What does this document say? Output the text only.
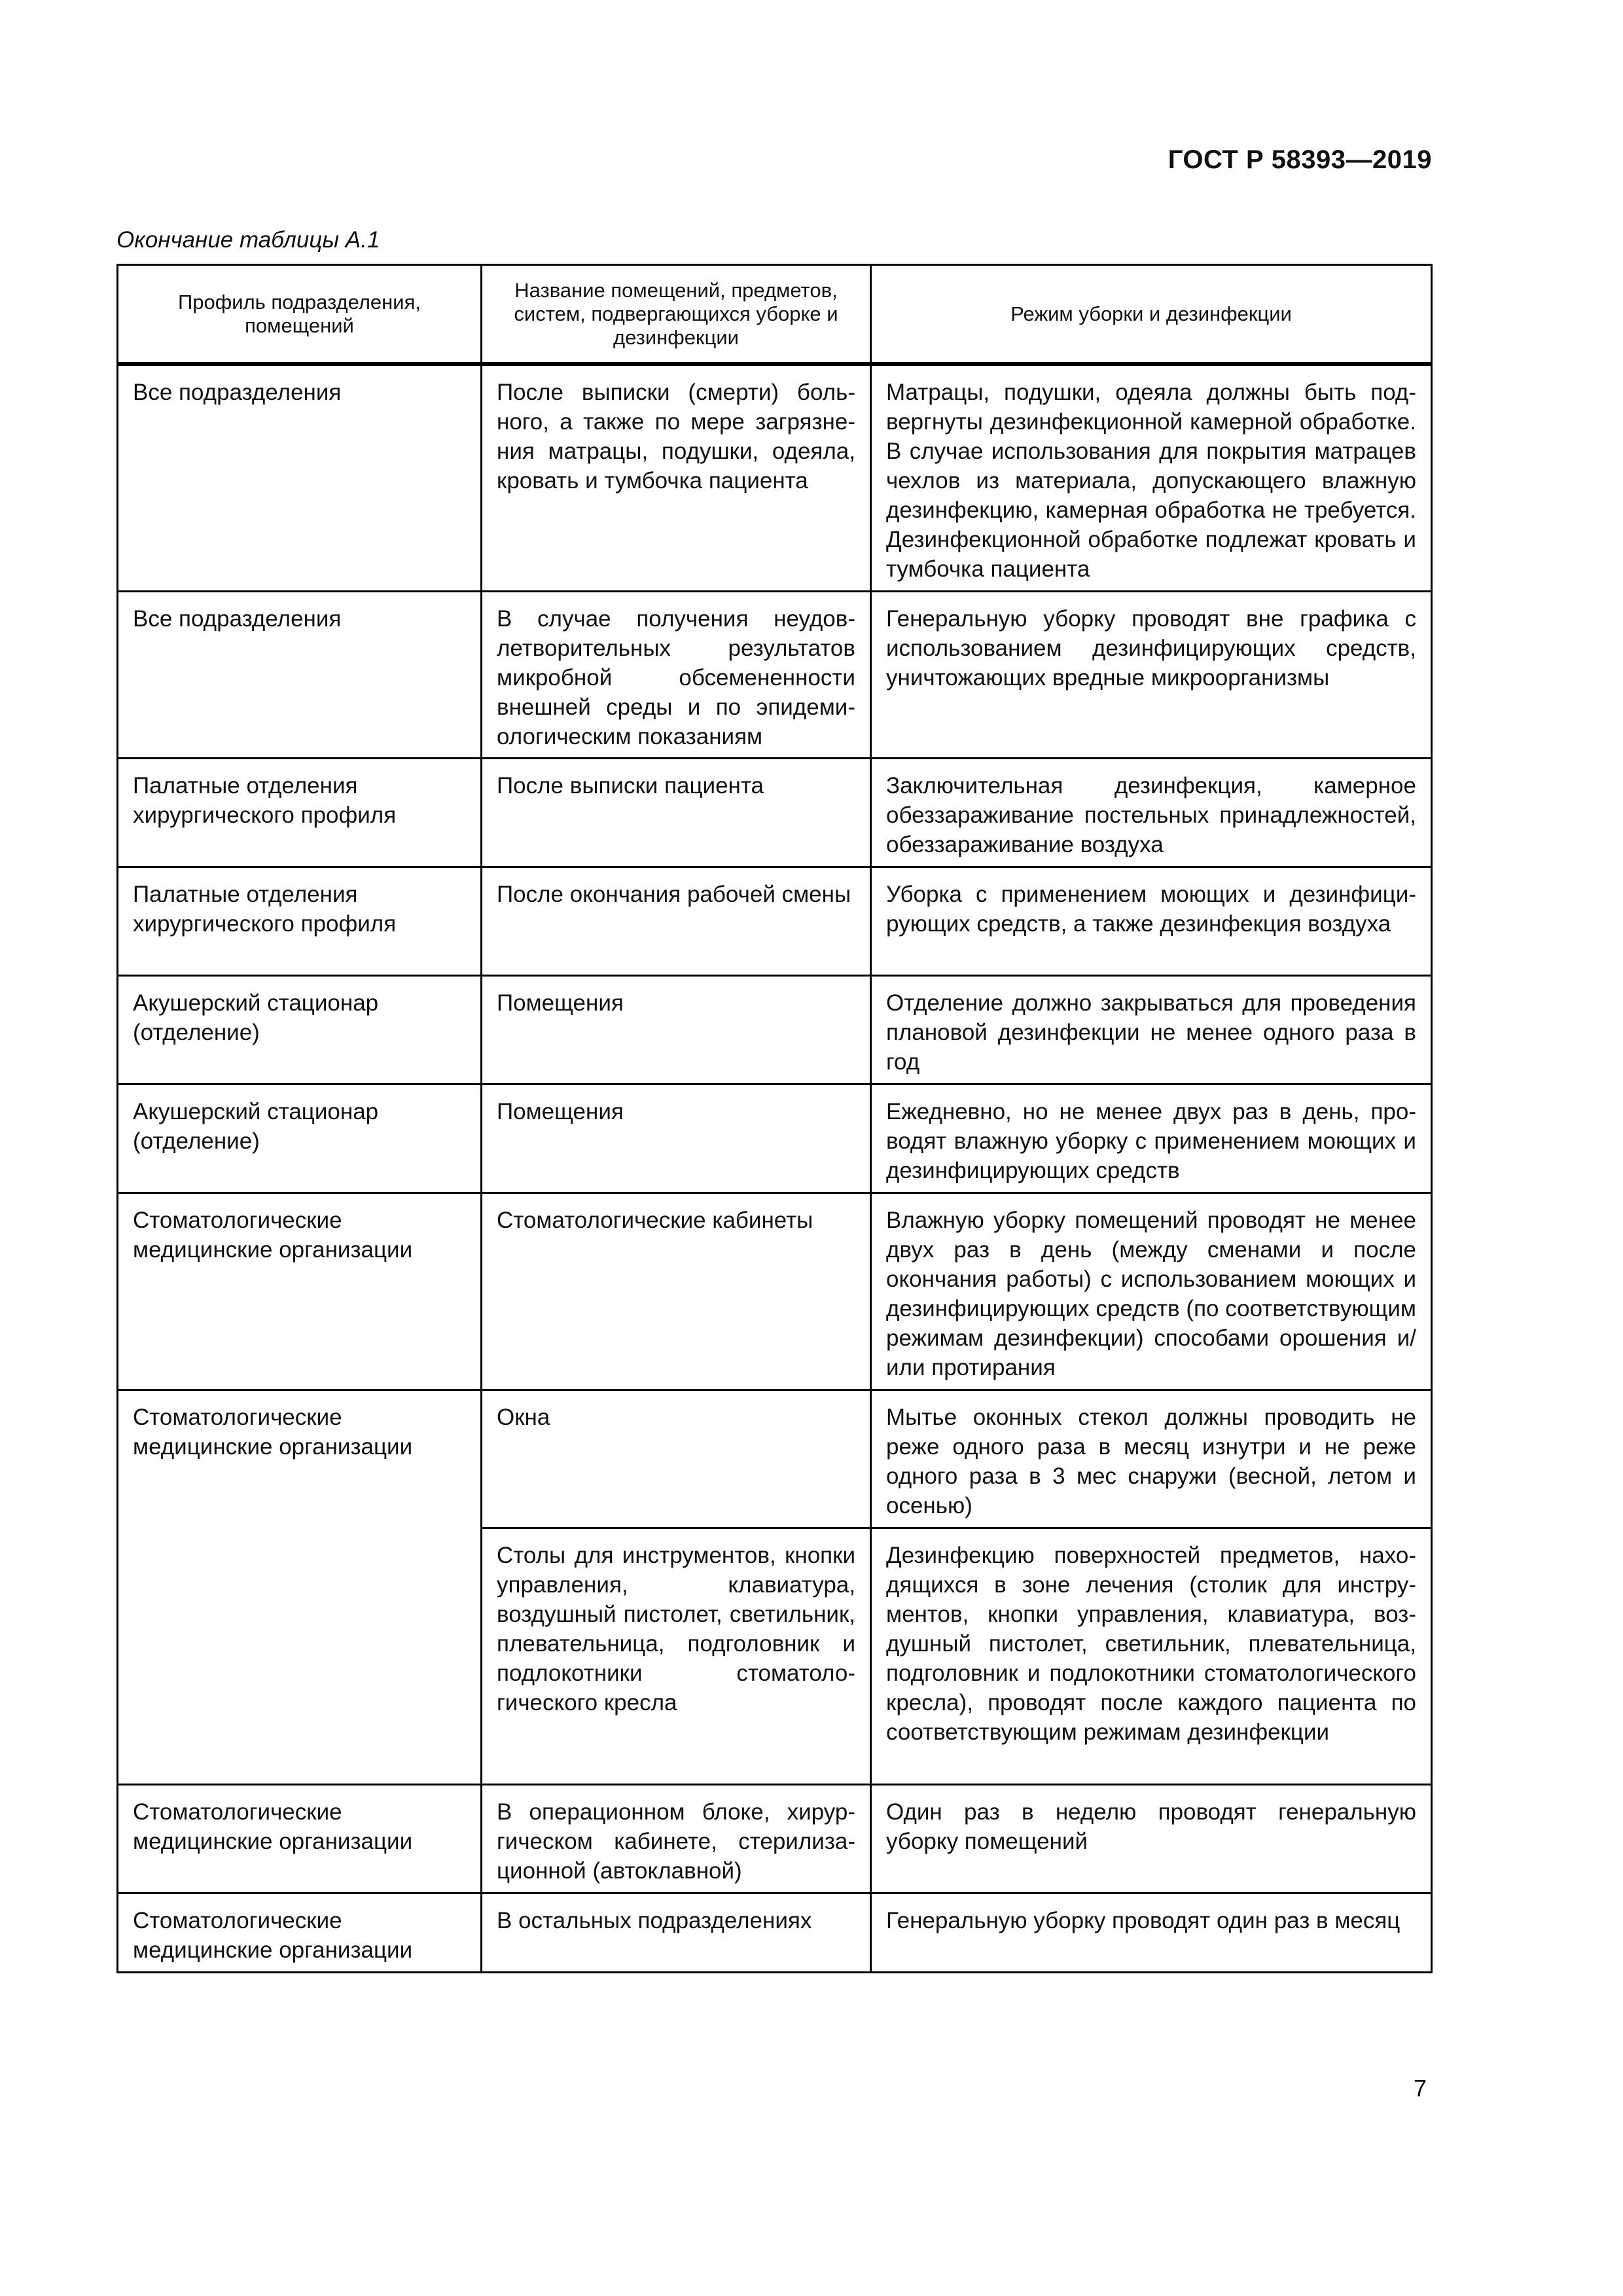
ГОСТ Р 58393—2019
Окончание таблицы А.1
Профиль подразделения, помещений	Название помещений, предметов, систем, подвергающихся уборке и дезинфекции	Режим уборки и дезинфекции
Все подразделения	После выписки (смерти) больного, а также по мере загрязнения матрацы, подушки, одеяла, кровать и тумбочка пациента	Матрацы, подушки, одеяла должны быть подвергнуты дезинфекционной камерной обработке. В случае использования для покрытия матрацев чехлов из материала, допускающего влажную дезинфекцию, камерная обработка не требуется. Дезинфекционной обработке подлежат кровать и тумбочка пациента
Все подразделения	В случае получения неудовлетворительных результатов микробной обсемененности внешней среды и по эпидемиологическим показаниям	Генеральную уборку проводят вне графика с использованием дезинфицирующих средств, уничтожающих вредные микроорганизмы
Палатные отделения хирургического профиля	После выписки пациента	Заключительная дезинфекция, камерное обеззараживание постельных принадлежностей, обеззараживание воздуха
Палатные отделения хирургического профиля	После окончания рабочей смены	Уборка с применением моющих и дезинфицирующих средств, а также дезинфекция воздуха
Акушерский стационар (отделение)	Помещения	Отделение должно закрываться для проведения плановой дезинфекции не менее одного раза в год
Акушерский стационар (отделение)	Помещения	Ежедневно, но не менее двух раз в день, проводят влажную уборку с применением моющих и дезинфицирующих средств
Стоматологические медицинские организации	Стоматологические кабинеты	Влажную уборку помещений проводят не менее двух раз в день (между сменами и после окончания работы) с использованием моющих и дезинфицирующих средств (по соответствующим режимам дезинфекции) способами орошения и/или протирания
Стоматологические медицинские организации	Окна	Мытье оконных стекол должны проводить не реже одного раза в месяц изнутри и не реже одного раза в 3 мес снаружи (весной, летом и осенью)
	Столы для инструментов, кнопки управления, клавиатура, воздушный пистолет, светильник, плевательница, подголовник и подлокотники стоматологического кресла	Дезинфекцию поверхностей предметов, находящихся в зоне лечения (столик для инструментов, кнопки управления, клавиатура, воздушный пистолет, светильник, плевательница, подголовник и подлокотники стоматологического кресла), проводят после каждого пациента по соответствующим режимам дезинфекции
Стоматологические медицинские организации	В операционном блоке, хирургическом кабинете, стерилизационной (автоклавной)	Один раз в неделю проводят генеральную уборку помещений
Стоматологические медицинские организации	В остальных подразделениях	Генеральную уборку проводят один раз в месяц
7
